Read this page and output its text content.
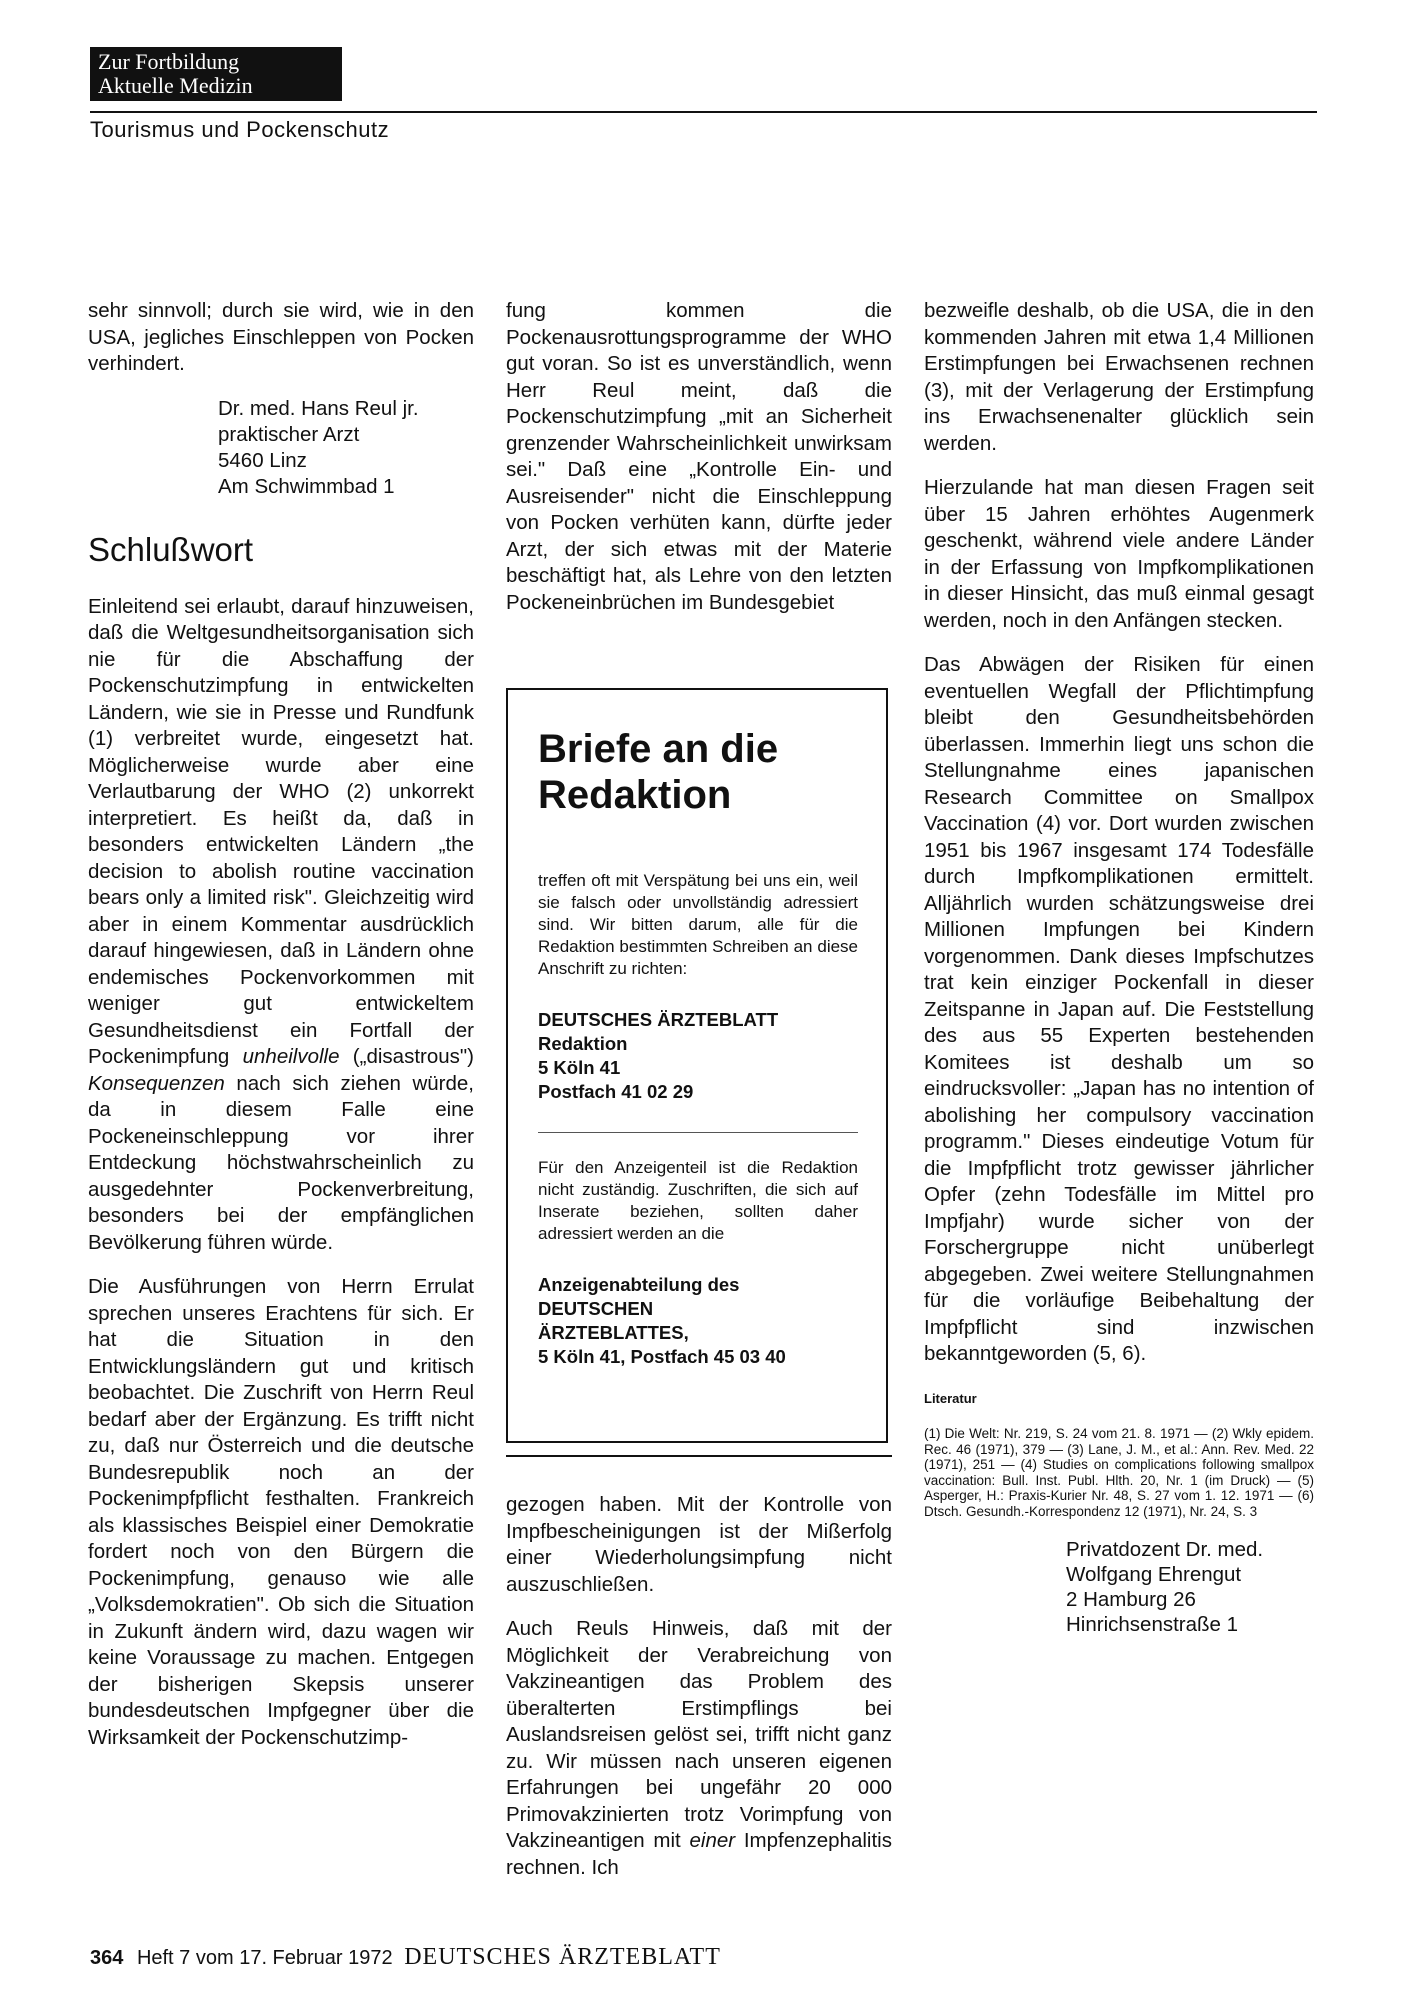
Zur Fortbildung
Aktuelle Medizin
Tourismus und Pockenschutz

sehr sinnvoll; durch sie wird, wie in den USA, jegliches Einschleppen von Pocken verhindert.

Dr. med. Hans Reul jr.
praktischer Arzt
5460 Linz
Am Schwimmbad 1
Schlußwort

Einleitend sei erlaubt, darauf hinzuweisen, daß die Weltgesundheitsorganisation sich nie für die Abschaffung der Pockenschutzimpfung in entwickelten Ländern, wie sie in Presse und Rundfunk (1) verbreitet wurde, eingesetzt hat. Möglicherweise wurde aber eine Verlautbarung der WHO (2) unkorrekt interpretiert. Es heißt da, daß in besonders entwickelten Ländern „the decision to abolish routine vaccination bears only a limited risk". Gleichzeitig wird aber in einem Kommentar ausdrücklich darauf hingewiesen, daß in Ländern ohne endemisches Pockenvorkommen mit weniger gut entwickeltem Gesundheitsdienst ein Fortfall der Pockenimpfung unheilvolle („disastrous") Konsequenzen nach sich ziehen würde, da in diesem Falle eine Pockeneinschleppung vor ihrer Entdeckung höchstwahrscheinlich zu ausgedehnter Pockenverbreitung, besonders bei der empfänglichen Bevölkerung führen würde.

Die Ausführungen von Herrn Errulat sprechen unseres Erachtens für sich. Er hat die Situation in den Entwicklungsländern gut und kritisch beobachtet. Die Zuschrift von Herrn Reul bedarf aber der Ergänzung. Es trifft nicht zu, daß nur Österreich und die deutsche Bundesrepublik noch an der Pockenimpfpflicht festhalten. Frankreich als klassisches Beispiel einer Demokratie fordert noch von den Bürgern die Pockenimpfung, genauso wie alle „Volksdemokratien". Ob sich die Situation in Zukunft ändern wird, dazu wagen wir keine Voraussage zu machen. Entgegen der bisherigen Skepsis unserer bundesdeutschen Impfgegner über die Wirksamkeit der Pockenschutzimp-

fung kommen die Pockenausrottungsprogramme der WHO gut voran. So ist es unverständlich, wenn Herr Reul meint, daß die Pockenschutzimpfung „mit an Sicherheit grenzender Wahrscheinlichkeit unwirksam sei." Daß eine „Kontrolle Ein- und Ausreisender" nicht die Einschleppung von Pocken verhüten kann, dürfte jeder Arzt, der sich etwas mit der Materie beschäftigt hat, als Lehre von den letzten Pockeneinbrüchen im Bundesgebiet

Briefe an die
Redaktion

treffen oft mit Verspätung bei uns ein, weil sie falsch oder unvollständig adressiert sind. Wir bitten darum, alle für die Redaktion bestimmten Schreiben an diese Anschrift zu richten:

DEUTSCHES ÄRZTEBLATT
Redaktion
5 Köln 41
Postfach 41 02 29

Für den Anzeigenteil ist die Redaktion nicht zuständig. Zuschriften, die sich auf Inserate beziehen, sollten daher adressiert werden an die

Anzeigenabteilung des
DEUTSCHEN
ÄRZTEBLATTES,
5 Köln 41, Postfach 45 03 40

gezogen haben. Mit der Kontrolle von Impfbescheinigungen ist der Mißerfolg einer Wiederholungsimpfung nicht auszuschließen.

Auch Reuls Hinweis, daß mit der Möglichkeit der Verabreichung von Vakzineantigen das Problem des überalterten Erstimpflings bei Auslandsreisen gelöst sei, trifft nicht ganz zu. Wir müssen nach unseren eigenen Erfahrungen bei ungefähr 20 000 Primovakzinierten trotz Vorimpfung von Vakzineantigen mit einer Impfenzephalitis rechnen. Ich

bezweifle deshalb, ob die USA, die in den kommenden Jahren mit etwa 1,4 Millionen Erstimpfungen bei Erwachsenen rechnen (3), mit der Verlagerung der Erstimpfung ins Erwachsenenalter glücklich sein werden.

Hierzulande hat man diesen Fragen seit über 15 Jahren erhöhtes Augenmerk geschenkt, während viele andere Länder in der Erfassung von Impfkomplikationen in dieser Hinsicht, das muß einmal gesagt werden, noch in den Anfängen stecken.

Das Abwägen der Risiken für einen eventuellen Wegfall der Pflichtimpfung bleibt den Gesundheitsbehörden überlassen. Immerhin liegt uns schon die Stellungnahme eines japanischen Research Committee on Smallpox Vaccination (4) vor. Dort wurden zwischen 1951 bis 1967 insgesamt 174 Todesfälle durch Impfkomplikationen ermittelt. Alljährlich wurden schätzungsweise drei Millionen Impfungen bei Kindern vorgenommen. Dank dieses Impfschutzes trat kein einziger Pockenfall in dieser Zeitspanne in Japan auf. Die Feststellung des aus 55 Experten bestehenden Komitees ist deshalb um so eindrucksvoller: „Japan has no intention of abolishing her compulsory vaccination programm." Dieses eindeutige Votum für die Impfpflicht trotz gewisser jährlicher Opfer (zehn Todesfälle im Mittel pro Impfjahr) wurde sicher von der Forschergruppe nicht unüberlegt abgegeben. Zwei weitere Stellungnahmen für die vorläufige Beibehaltung der Impfpflicht sind inzwischen bekanntgeworden (5, 6).

Literatur

(1) Die Welt: Nr. 219, S. 24 vom 21. 8. 1971 — (2) Wkly epidem. Rec. 46 (1971), 379 — (3) Lane, J. M., et al.: Ann. Rev. Med. 22 (1971), 251 — (4) Studies on complications following smallpox vaccination: Bull. Inst. Publ. Hlth. 20, Nr. 1 (im Druck) — (5) Asperger, H.: Praxis-Kurier Nr. 48, S. 27 vom 1. 12. 1971 — (6) Dtsch. Gesundh.-Korrespondenz 12 (1971), Nr. 24, S. 3

Privatdozent Dr. med.
Wolfgang Ehrengut
2 Hamburg 26
Hinrichsenstraße 1
364 Heft 7 vom 17. Februar 1972 DEUTSCHES ÄRZTEBLATT
